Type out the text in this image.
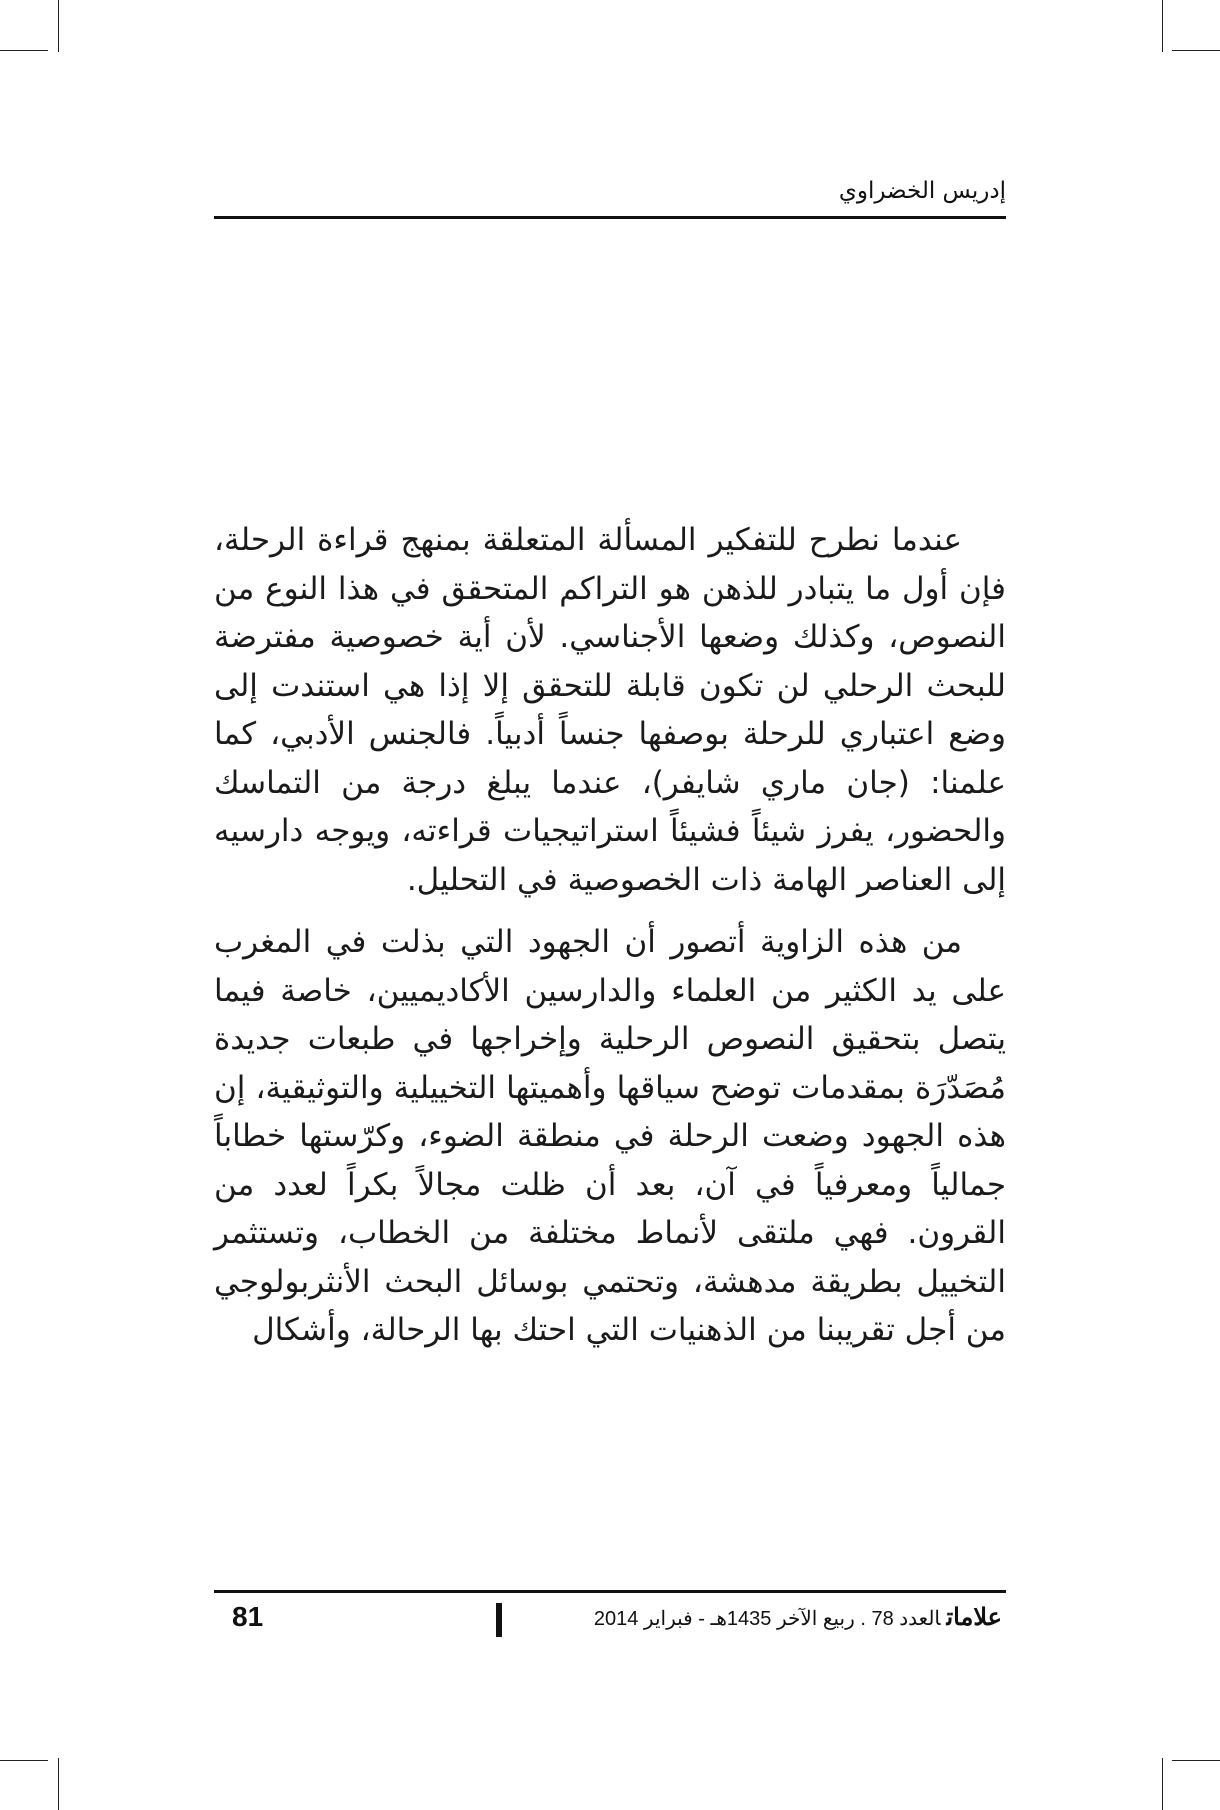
إدريس الخضراوي

عندما نطرح للتفكير المسألة المتعلقة بمنهج قراءة الرحلة، فإن أول ما يتبادر للذهن هو التراكم المتحقق في هذا النوع من النصوص، وكذلك وضعها الأجناسي. لأن أية خصوصية مفترضة للبحث الرحلي لن تكون قابلة للتحقق إلا إذا هي استندت إلى وضع اعتباري للرحلة بوصفها جنساً أدبياً. فالجنس الأدبي، كما علمنا: (جان ماري شايفر)، عندما يبلغ درجة من التماسك والحضور، يفرز شيئاً فشيئاً استراتيجيات قراءته، ويوجه دارسيه إلى العناصر الهامة ذات الخصوصية في التحليل.

من هذه الزاوية أتصور أن الجهود التي بذلت في المغرب على يد الكثير من العلماء والدارسين الأكاديميين، خاصة فيما يتصل بتحقيق النصوص الرحلية وإخراجها في طبعات جديدة مُصَدّرَة بمقدمات توضح سياقها وأهميتها التخييلية والتوثيقية، إن هذه الجهود وضعت الرحلة في منطقة الضوء، وكرّستها خطاباً جمالياً ومعرفياً في آن، بعد أن ظلت مجالاً بكراً لعدد من القرون. فهي ملتقى لأنماط مختلفة من الخطاب، وتستثمر التخييل بطريقة مدهشة، وتحتمي بوسائل البحث الأنثربولوجي من أجل تقريبنا من الذهنيات التي احتك بها الرحالة، وأشكال

81	علاماتالعدد 78 . ربيع الآخر 1435هـ - فبراير 2014
